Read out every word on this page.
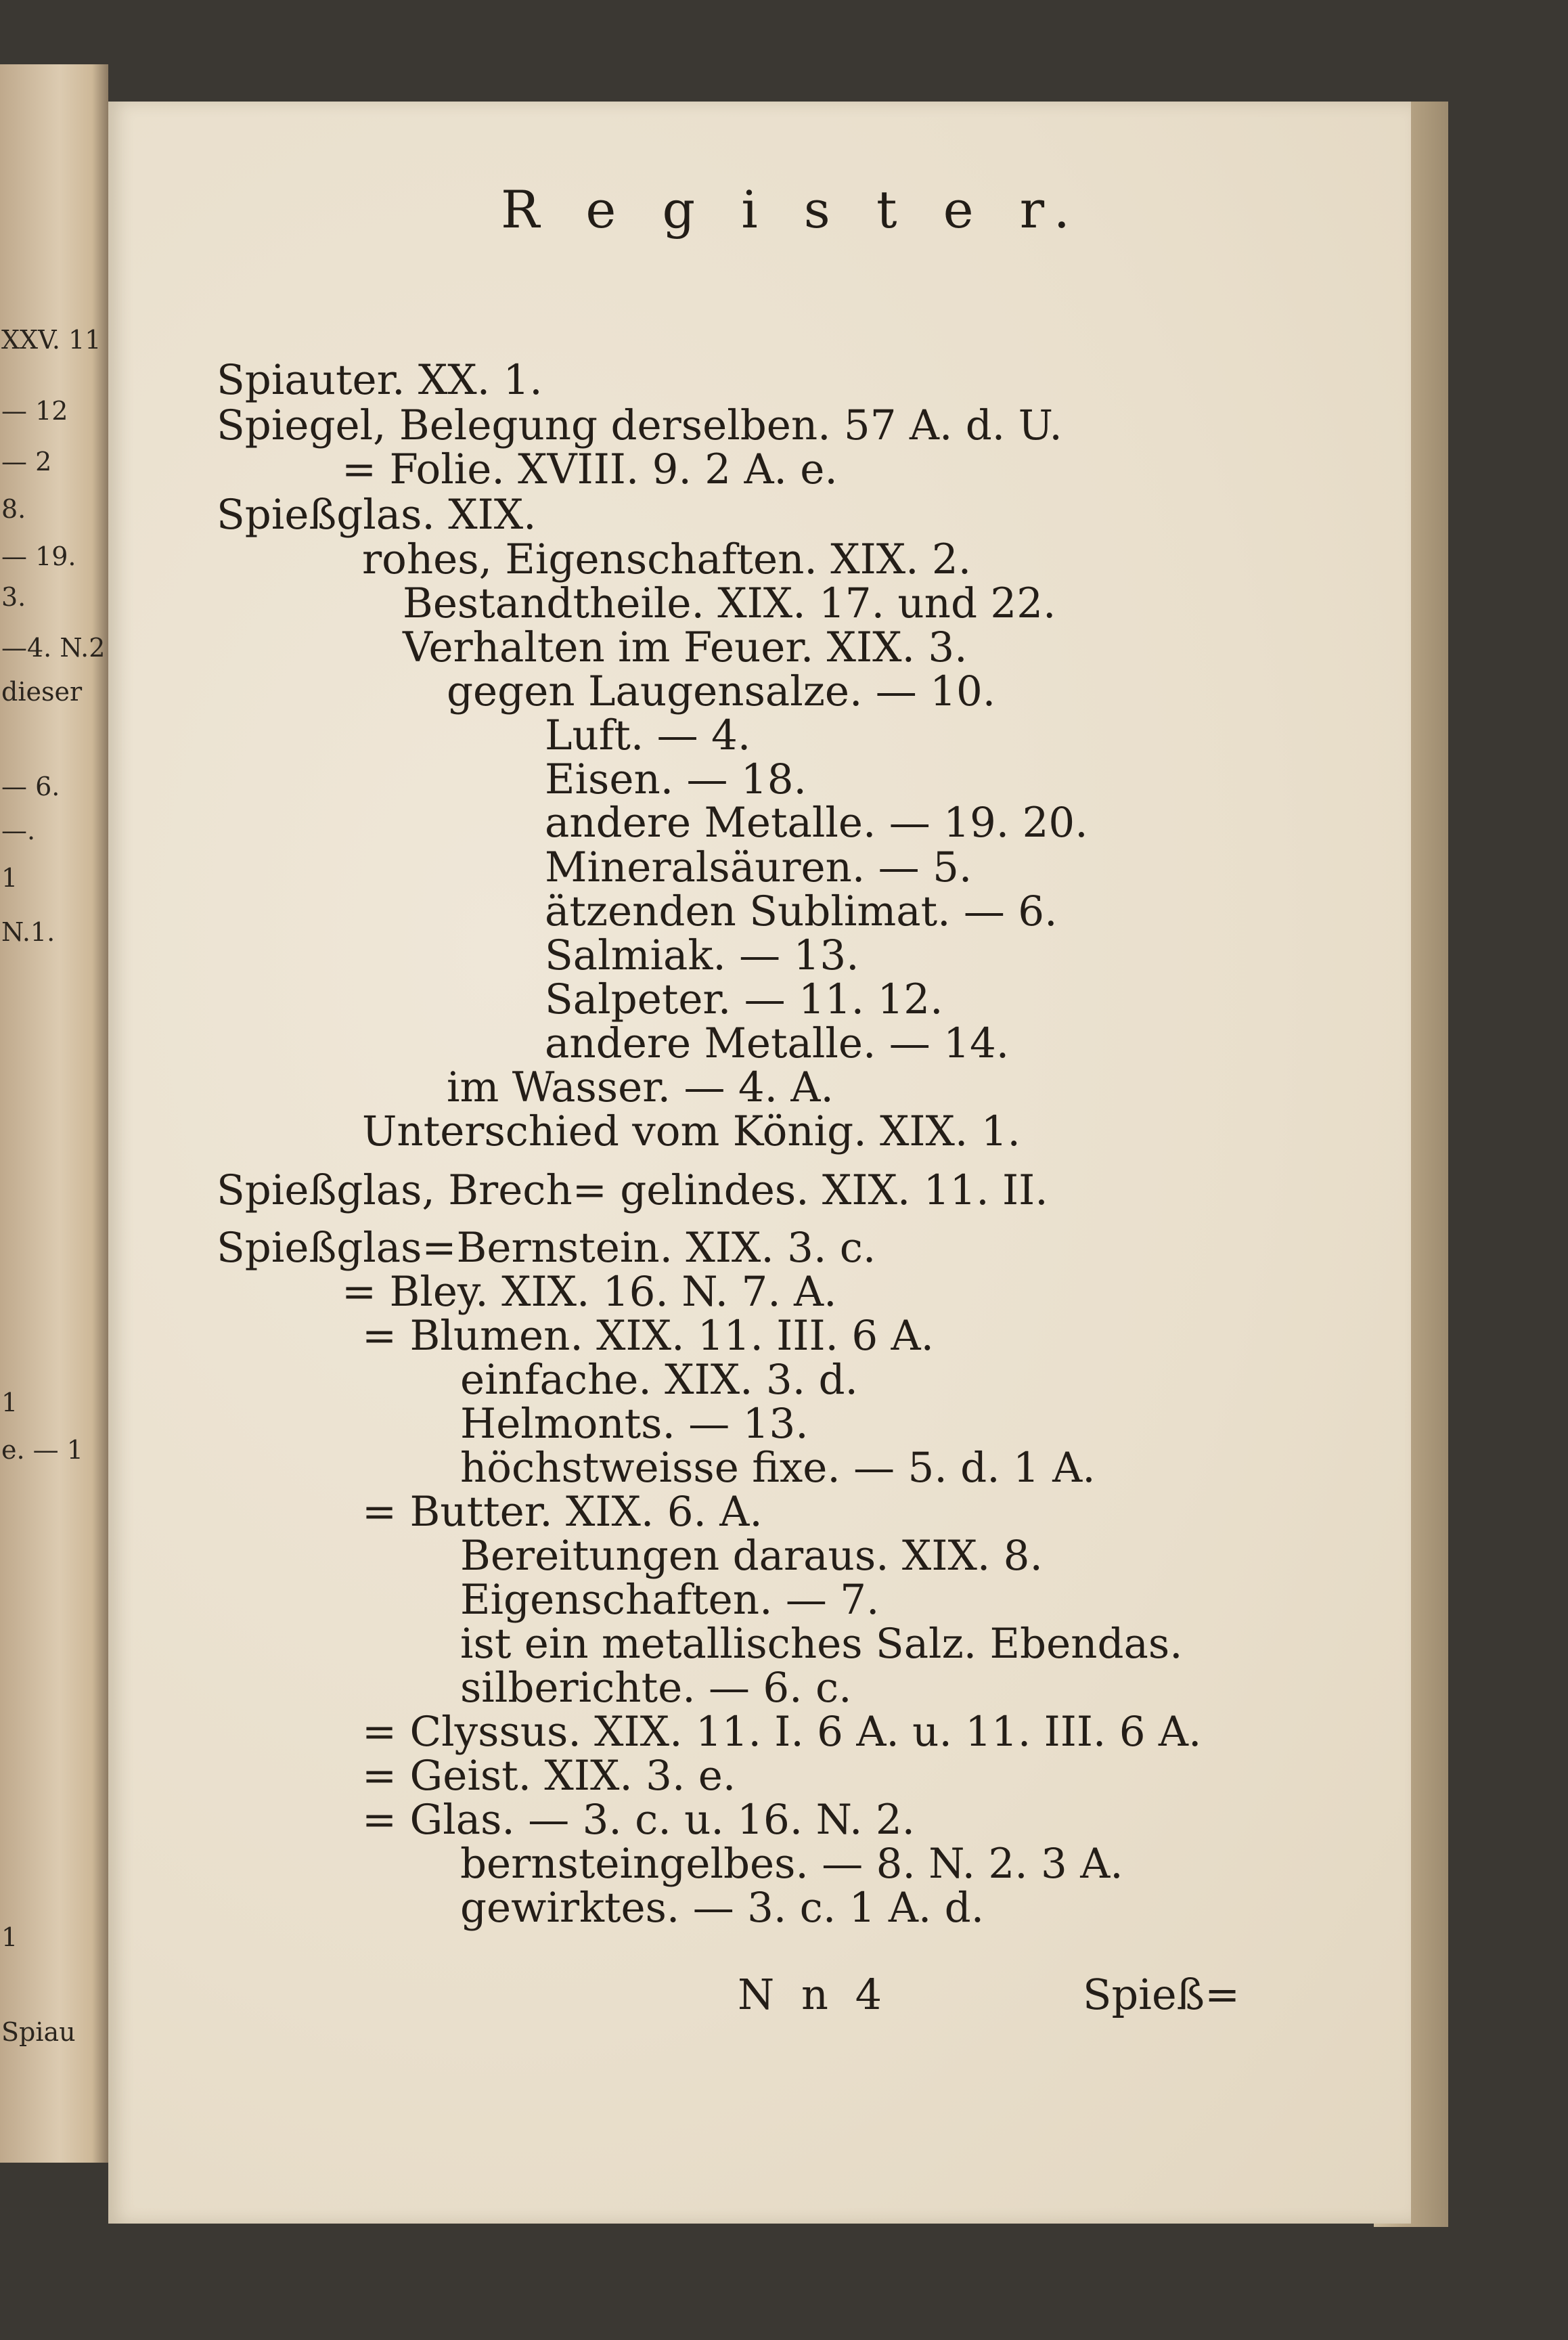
XXV. 11
— 12
— 2
8.
— 19.
3.
—4. N.2
dieser
— 6.
—.
1
N.1.
1
e. — 1
1
Spiau
R e g i s t e r.
Spiauter. XX. 1.
Spiegel, Belegung derselben. 57 A. d. U.
= Folie. XVIII. 9. 2 A. e.
Spießglas. XIX.
rohes, Eigenschaften. XIX. 2.
Bestandtheile. XIX. 17. und 22.
Verhalten im Feuer. XIX. 3.
gegen Laugensalze. — 10.
Luft. — 4.
Eisen. — 18.
andere Metalle. — 19. 20.
Mineralsäuren. — 5.
ätzenden Sublimat. — 6.
Salmiak. — 13.
Salpeter. — 11. 12.
andere Metalle. — 14.
im Wasser. — 4. A.
Unterschied vom König. XIX. 1.
Spießglas, Brech= gelindes. XIX. 11. II.
Spießglas=Bernstein. XIX. 3. c.
= Bley. XIX. 16. N. 7. A.
= Blumen. XIX. 11. III. 6 A.
einfache. XIX. 3. d.
Helmonts. — 13.
höchstweisse fixe. — 5. d. 1 A.
= Butter. XIX. 6. A.
Bereitungen daraus. XIX. 8.
Eigenschaften. — 7.
ist ein metallisches Salz. Ebendas.
silberichte. — 6. c.
= Clyssus. XIX. 11. I. 6 A. u. 11. III. 6 A.
= Geist. XIX. 3. e.
= Glas. — 3. c. u. 16. N. 2.
bernsteingelbes. — 8. N. 2. 3 A.
gewirktes. — 3. c. 1 A. d.
N n 4	Spieß=
